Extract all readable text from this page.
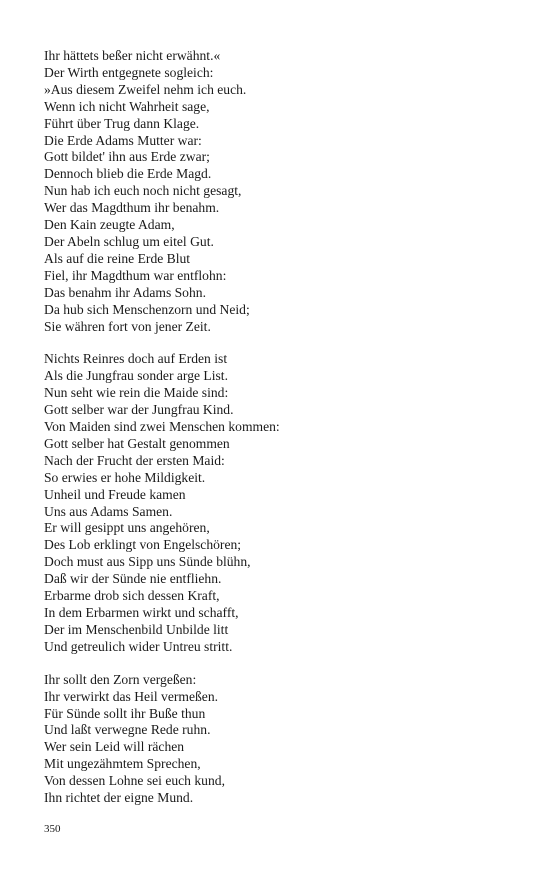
Ihr hättets beßer nicht erwähnt.«
Der Wirth entgegnete sogleich:
»Aus diesem Zweifel nehm ich euch.
Wenn ich nicht Wahrheit sage,
Führt über Trug dann Klage.
Die Erde Adams Mutter war:
Gott bildet' ihn aus Erde zwar;
Dennoch blieb die Erde Magd.
Nun hab ich euch noch nicht gesagt,
Wer das Magdthum ihr benahm.
Den Kain zeugte Adam,
Der Abeln schlug um eitel Gut.
Als auf die reine Erde Blut
Fiel, ihr Magdthum war entflohn:
Das benahm ihr Adams Sohn.
Da hub sich Menschenzorn und Neid;
Sie währen fort von jener Zeit.
Nichts Reinres doch auf Erden ist
Als die Jungfrau sonder arge List.
Nun seht wie rein die Maide sind:
Gott selber war der Jungfrau Kind.
Von Maiden sind zwei Menschen kommen:
Gott selber hat Gestalt genommen
Nach der Frucht der ersten Maid:
So erwies er hohe Mildigkeit.
Unheil und Freude kamen
Uns aus Adams Samen.
Er will gesippt uns angehören,
Des Lob erklingt von Engelschören;
Doch must aus Sipp uns Sünde blühn,
Daß wir der Sünde nie entfliehn.
Erbarme drob sich dessen Kraft,
In dem Erbarmen wirkt und schafft,
Der im Menschenbild Unbilde litt
Und getreulich wider Untreu stritt.
Ihr sollt den Zorn vergeßen:
Ihr verwirkt das Heil vermeßen.
Für Sünde sollt ihr Buße thun
Und laßt verwegne Rede ruhn.
Wer sein Leid will rächen
Mit ungezähmtem Sprechen,
Von dessen Lohne sei euch kund,
Ihn richtet der eigne Mund.
350
